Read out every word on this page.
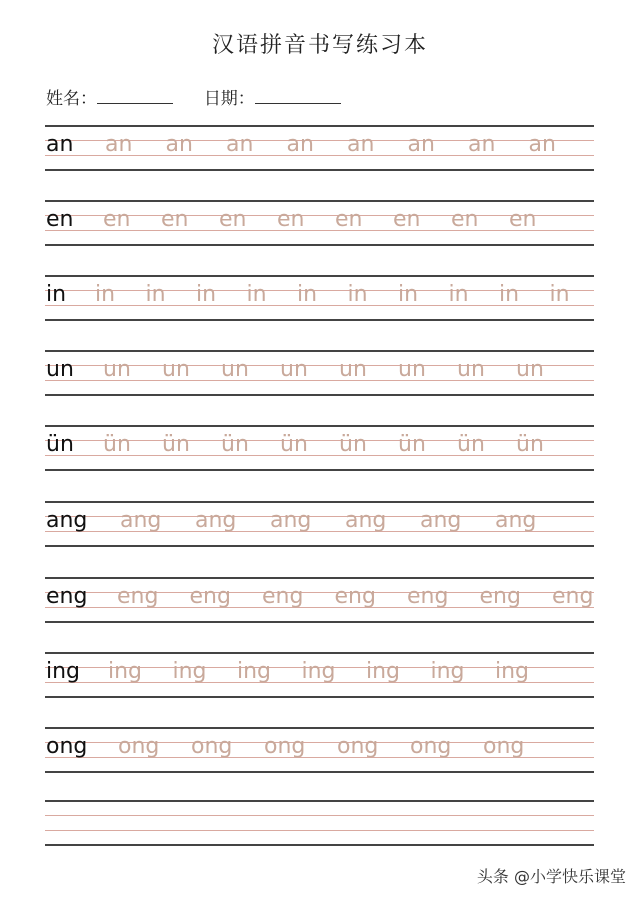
汉语拼音书写练习本
姓名：	日期：
an an an an an an an an an
en en en en en en en en en
in in in in in in in in in in in
un un un un un un un un un
ün ün ün ün ün ün ün ün ün
ang ang ang ang ang ang ang
eng eng eng eng eng eng eng eng
ing ing ing ing ing ing ing ing
ong ong ong ong ong ong ong
头条 @小学快乐课堂
